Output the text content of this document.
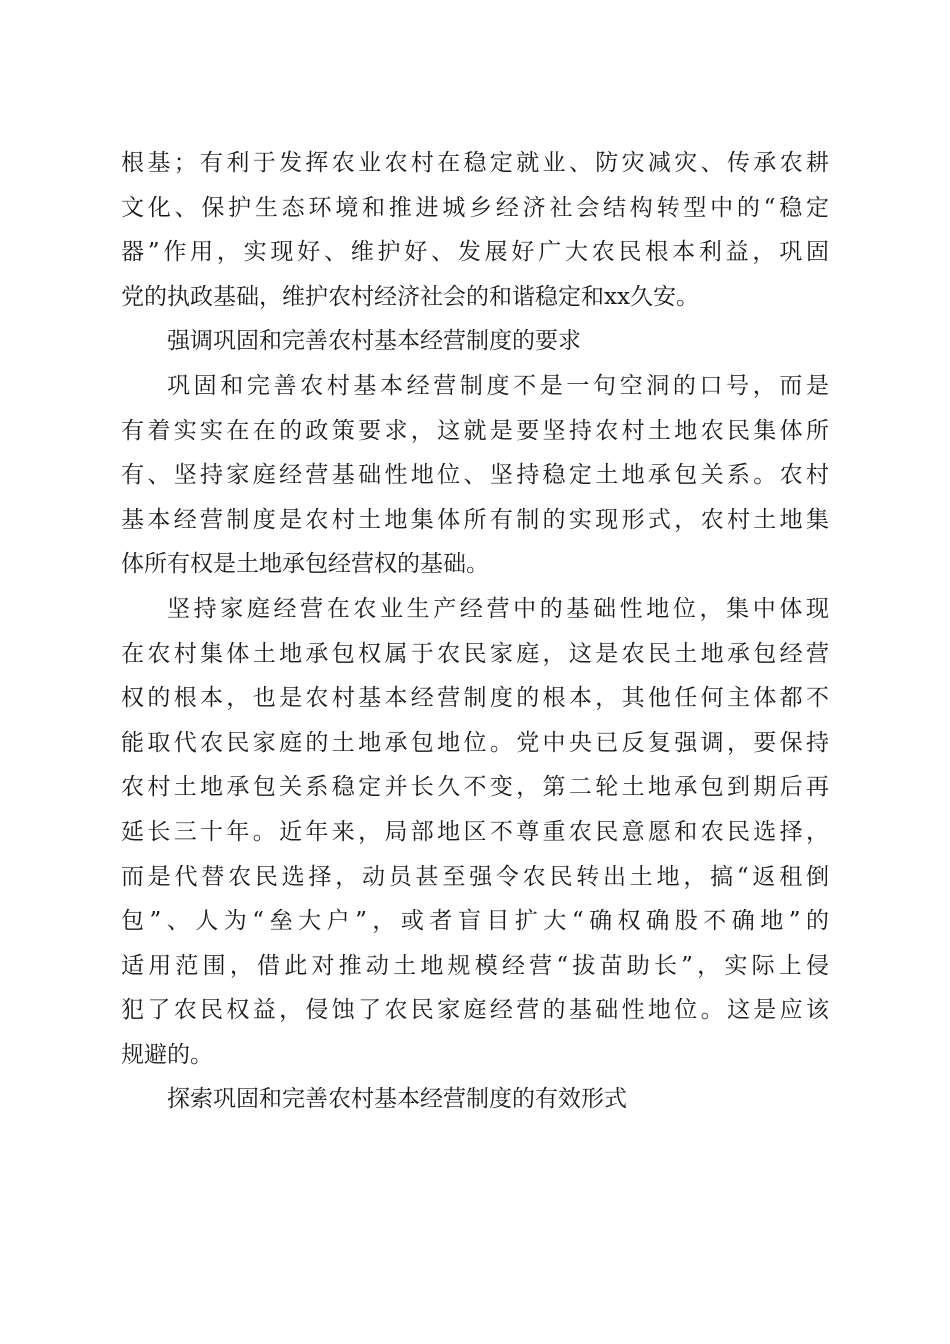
根基；有利于发挥农业农村在稳定就业、防灾减灾、传承农耕
文化、保护生态环境和推进城乡经济社会结构转型中的“稳定
器”作用，实现好、维护好、发展好广大农民根本利益，巩固
党的执政基础，维护农村经济社会的和谐稳定和xx久安。
强调巩固和完善农村基本经营制度的要求
巩固和完善农村基本经营制度不是一句空洞的口号，而是
有着实实在在的政策要求，这就是要坚持农村土地农民集体所
有、坚持家庭经营基础性地位、坚持稳定土地承包关系。农村
基本经营制度是农村土地集体所有制的实现形式，农村土地集
体所有权是土地承包经营权的基础。
坚持家庭经营在农业生产经营中的基础性地位，集中体现
在农村集体土地承包权属于农民家庭，这是农民土地承包经营
权的根本，也是农村基本经营制度的根本，其他任何主体都不
能取代农民家庭的土地承包地位。党中央已反复强调，要保持
农村土地承包关系稳定并长久不变，第二轮土地承包到期后再
延长三十年。近年来，局部地区不尊重农民意愿和农民选择，
而是代替农民选择，动员甚至强令农民转出土地，搞“返租倒
包”、人为“垒大户”，或者盲目扩大“确权确股不确地”的
适用范围，借此对推动土地规模经营“拔苗助长”，实际上侵
犯了农民权益，侵蚀了农民家庭经营的基础性地位。这是应该
规避的。
探索巩固和完善农村基本经营制度的有效形式
